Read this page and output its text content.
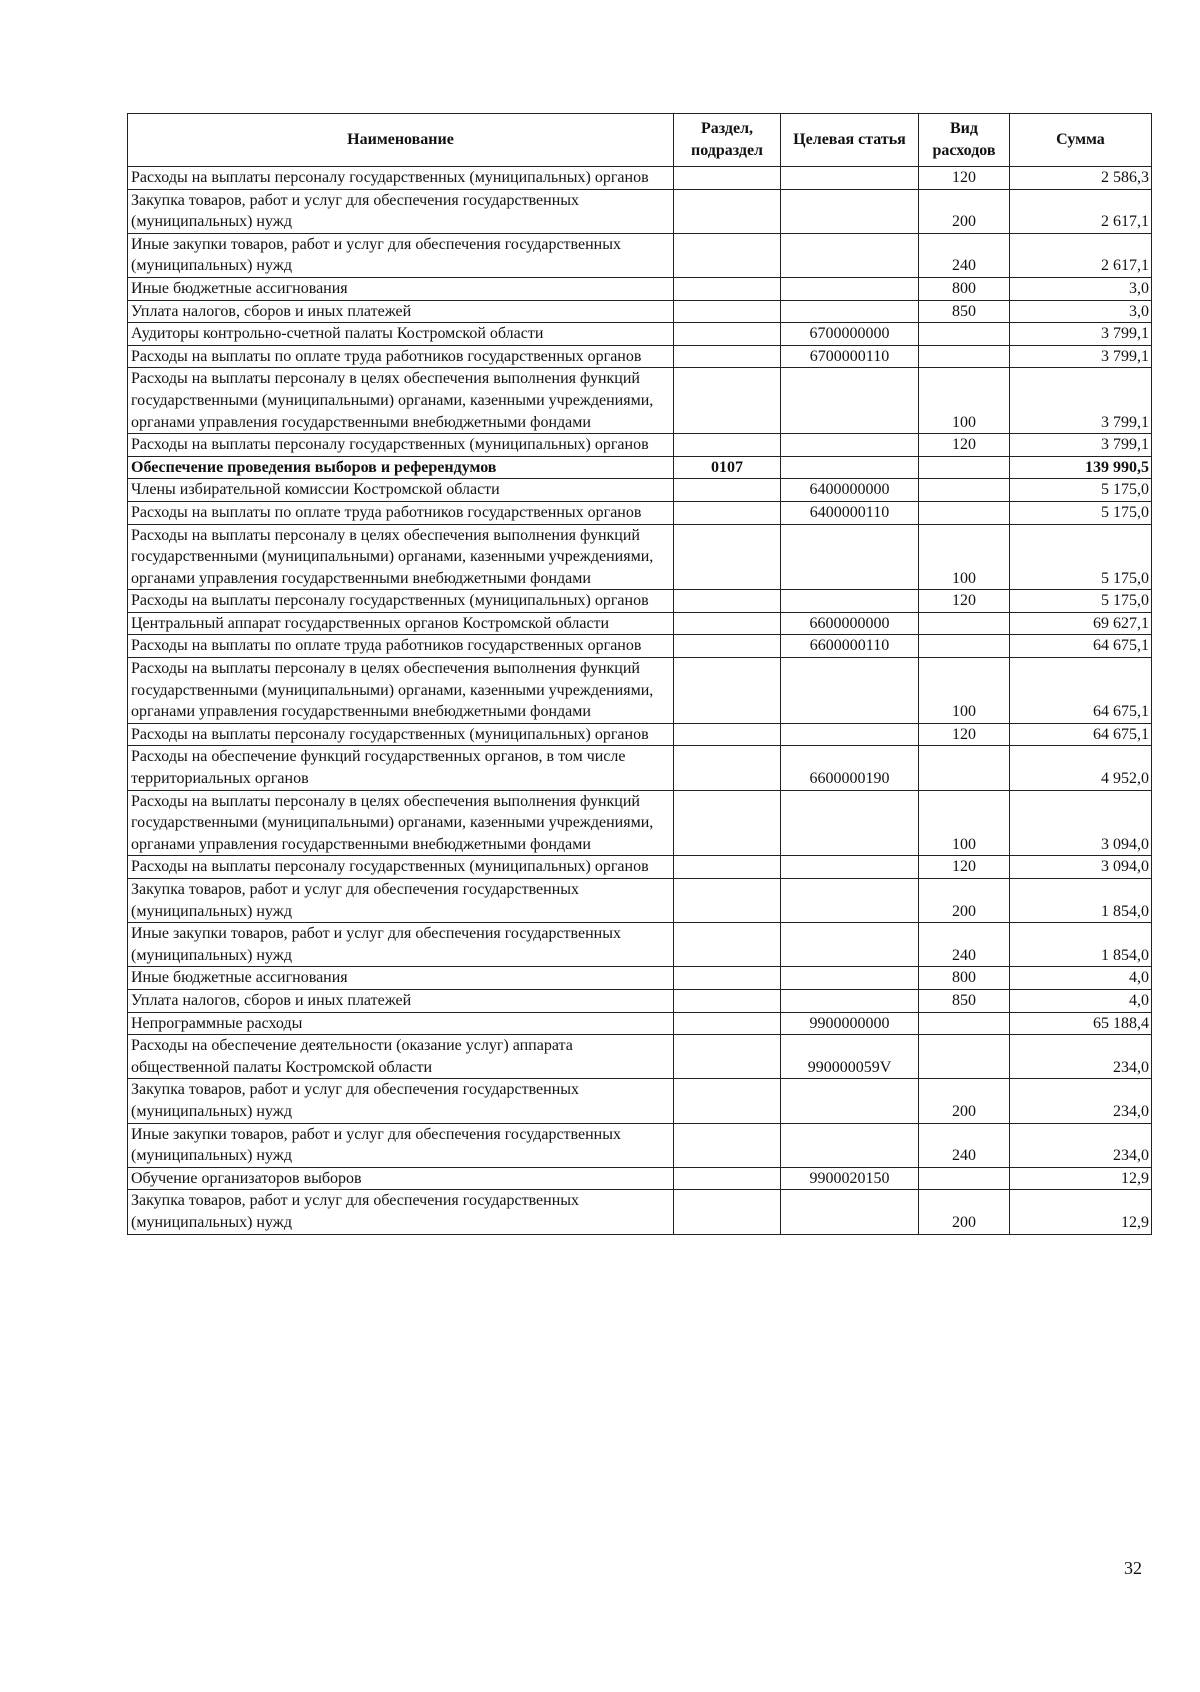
Наименование	Раздел, подраздел	Целевая статья	Вид расходов	Сумма
Расходы на выплаты персоналу государственных (муниципальных) органов			120	2 586,3
Закупка товаров, работ и услуг для обеспечения государственных (муниципальных) нужд			200	2 617,1
Иные закупки товаров, работ и услуг для обеспечения государственных (муниципальных) нужд			240	2 617,1
Иные бюджетные ассигнования			800	3,0
Уплата налогов, сборов и иных платежей			850	3,0
Аудиторы контрольно-счетной палаты Костромской области		6700000000		3 799,1
Расходы на выплаты по оплате труда работников государственных органов		6700000110		3 799,1
Расходы на выплаты персоналу в целях обеспечения выполнения функций государственными (муниципальными) органами, казенными учреждениями, органами управления государственными внебюджетными фондами			100	3 799,1
Расходы на выплаты персоналу государственных (муниципальных) органов			120	3 799,1
Обеспечение проведения выборов и референдумов	0107			139 990,5
Члены избирательной комиссии Костромской области		6400000000		5 175,0
Расходы на выплаты по оплате труда работников государственных органов		6400000110		5 175,0
Расходы на выплаты персоналу в целях обеспечения выполнения функций государственными (муниципальными) органами, казенными учреждениями, органами управления государственными внебюджетными фондами			100	5 175,0
Расходы на выплаты персоналу государственных (муниципальных) органов			120	5 175,0
Центральный аппарат государственных органов Костромской области		6600000000		69 627,1
Расходы на выплаты по оплате труда работников государственных органов		6600000110		64 675,1
Расходы на выплаты персоналу в целях обеспечения выполнения функций государственными (муниципальными) органами, казенными учреждениями, органами управления государственными внебюджетными фондами			100	64 675,1
Расходы на выплаты персоналу государственных (муниципальных) органов			120	64 675,1
Расходы на обеспечение функций государственных органов, в том числе территориальных органов		6600000190		4 952,0
Расходы на выплаты персоналу в целях обеспечения выполнения функций государственными (муниципальными) органами, казенными учреждениями, органами управления государственными внебюджетными фондами			100	3 094,0
Расходы на выплаты персоналу государственных (муниципальных) органов			120	3 094,0
Закупка товаров, работ и услуг для обеспечения государственных (муниципальных) нужд			200	1 854,0
Иные закупки товаров, работ и услуг для обеспечения государственных (муниципальных) нужд			240	1 854,0
Иные бюджетные ассигнования			800	4,0
Уплата налогов, сборов и иных платежей			850	4,0
Непрограммные расходы		9900000000		65 188,4
Расходы на обеспечение деятельности (оказание услуг) аппарата общественной палаты Костромской области		990000059V		234,0
Закупка товаров, работ и услуг для обеспечения государственных (муниципальных) нужд			200	234,0
Иные закупки товаров, работ и услуг для обеспечения государственных (муниципальных) нужд			240	234,0
Обучение организаторов выборов		9900020150		12,9
Закупка товаров, работ и услуг для обеспечения государственных (муниципальных) нужд			200	12,9
32
